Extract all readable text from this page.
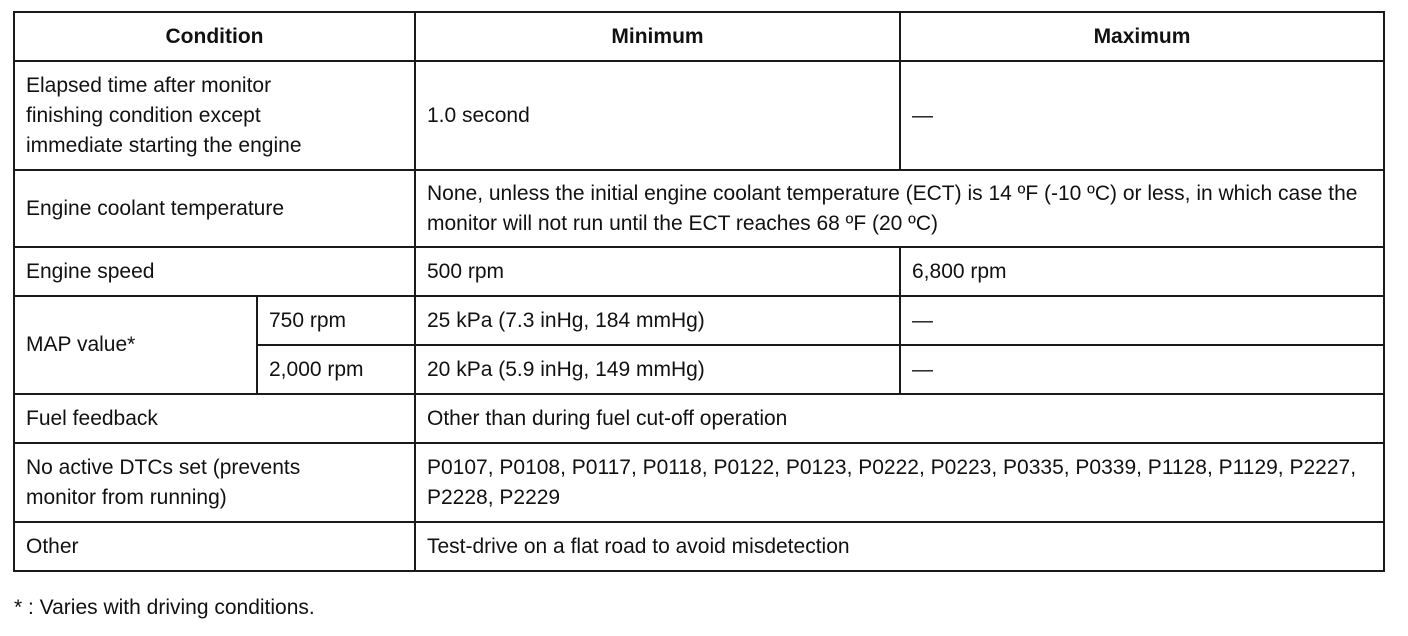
Condition		Minimum	Maximum

Elapsed time after monitor finishing condition except immediate starting the engine		1.0 second	—
Engine coolant temperature		None, unless the initial engine coolant temperature (ECT) is 14 ºF (-10 ºC) or less, in which case the monitor will not run until the ECT reaches 68 ºF (20 ºC)	
Engine speed		500 rpm	6,800 rpm
MAP value*	750 rpm	25 kPa (7.3 inHg, 184 mmHg)	—
	2,000 rpm	20 kPa (5.9 inHg, 149 mmHg)	—
Fuel feedback		Other than during fuel cut-off operation	

No active DTCs set (prevents monitor from running)		P0107, P0108, P0117, P0118, P0122, P0123, P0222, P0223, P0335, P0339, P1128, P1129, P2227, P2228, P2229	
Other		Test-drive on a flat road to avoid misdetection	
* : Varies with driving conditions.
